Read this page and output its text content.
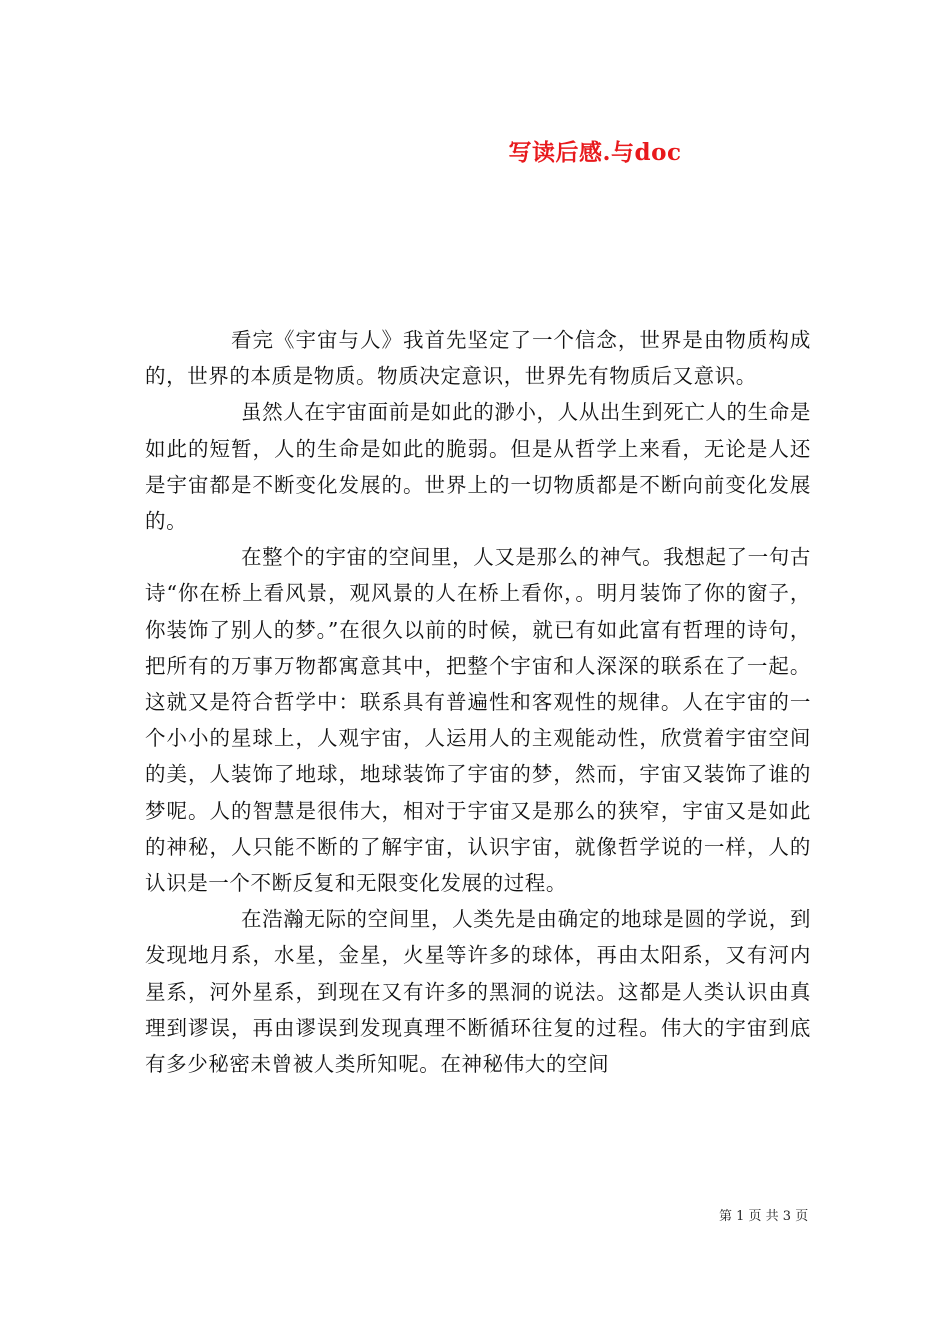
写读后感.与doc

看完《宇宙与人》我首先坚定了一个信念，世界是由物质构成的，世界的本质是物质。物质决定意识，世界先有物质后又意识。

虽然人在宇宙面前是如此的渺小，人从出生到死亡人的生命是如此的短暂，人的生命是如此的脆弱。但是从哲学上来看，无论是人还是宇宙都是不断变化发展的。世界上的一切物质都是不断向前变化发展的。

在整个的宇宙的空间里，人又是那么的神气。我想起了一句古诗“你在桥上看风景，观风景的人在桥上看你，。明月装饰了你的窗子，你装饰了别人的梦。”在很久以前的时候，就已有如此富有哲理的诗句，把所有的万事万物都寓意其中，把整个宇宙和人深深的联系在了一起。这就又是符合哲学中：联系具有普遍性和客观性的规律。人在宇宙的一个小小的星球上，人观宇宙，人运用人的主观能动性，欣赏着宇宙空间的美，人装饰了地球，地球装饰了宇宙的梦，然而，宇宙又装饰了谁的梦呢。人的智慧是很伟大，相对于宇宙又是那么的狭窄，宇宙又是如此的神秘，人只能不断的了解宇宙，认识宇宙，就像哲学说的一样，人的认识是一个不断反复和无限变化发展的过程。

在浩瀚无际的空间里，人类先是由确定的地球是圆的学说，到发现地月系，水星，金星，火星等许多的球体，再由太阳系，又有河内星系，河外星系，到现在又有许多的黑洞的说法。这都是人类认识由真理到谬误，再由谬误到发现真理不断循环往复的过程。伟大的宇宙到底有多少秘密未曾被人类所知呢。在神秘伟大的空间

第 1 页 共 3 页
